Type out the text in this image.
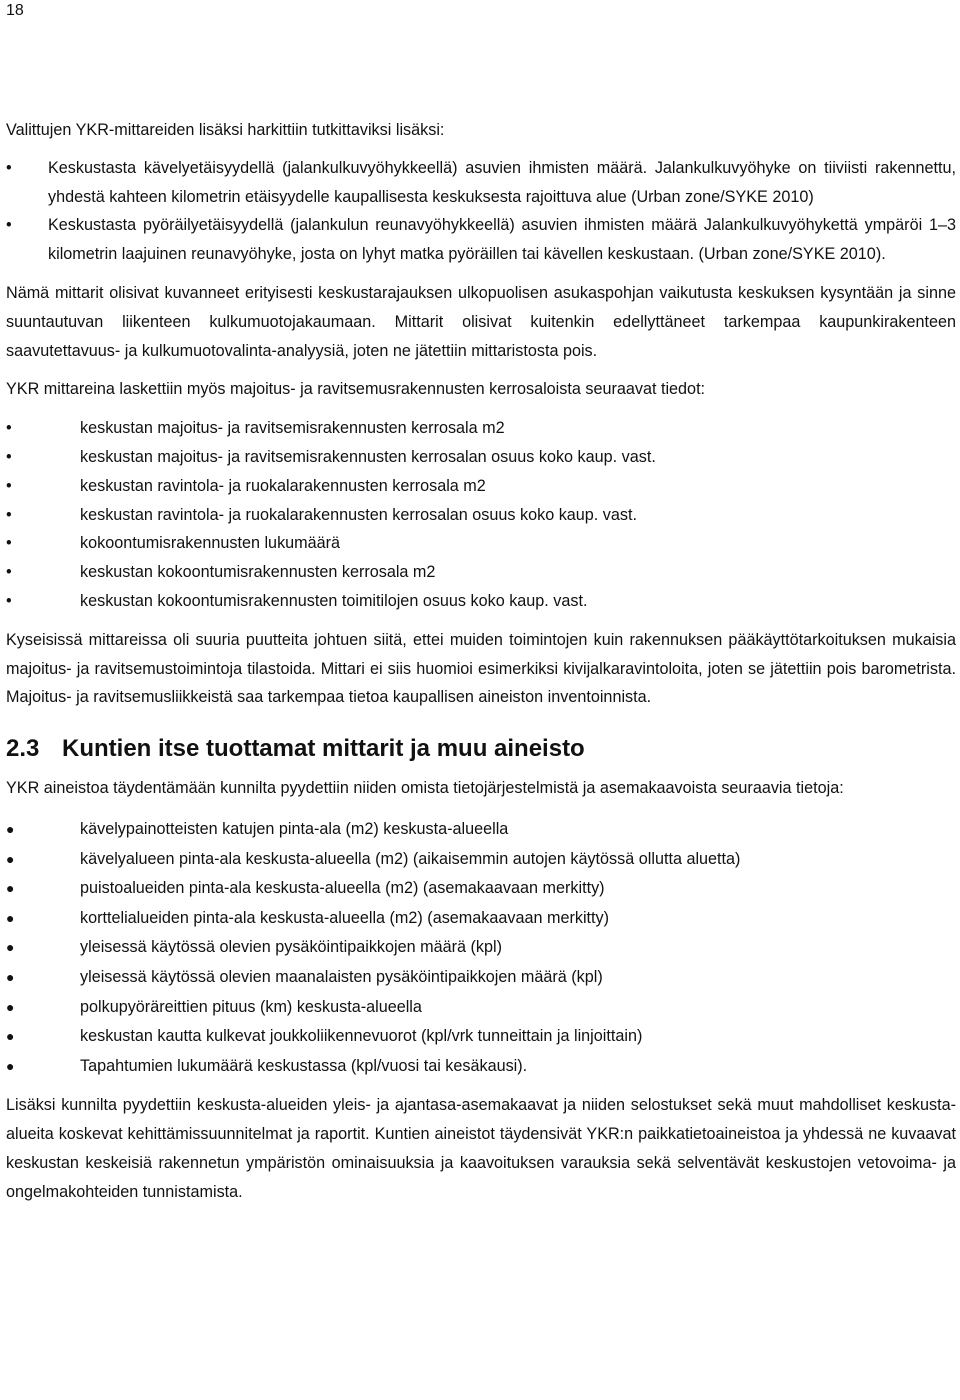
18

Valittujen YKR-mittareiden lisäksi harkittiin tutkittaviksi lisäksi:

• Keskustasta kävelyetäisyydellä (jalankulkuvyöhykkeellä) asuvien ihmisten määrä. Jalankulkuvyöhyke on tiiviisti rakennettu, yhdestä kahteen kilometrin etäisyydelle kaupallisesta keskuksesta rajoittuva alue (Urban zone/SYKE 2010)
• Keskustasta pyöräilyetäisyydellä (jalankulun reunavyöhykkeellä) asuvien ihmisten määrä Jalankulkuvyöhykettä ympäröi 1–3 kilometrin laajuinen reunavyöhyke, josta on lyhyt matka pyöräillen tai kävellen keskustaan. (Urban zone/SYKE 2010).

Nämä mittarit olisivat kuvanneet erityisesti keskustarajauksen ulkopuolisen asukaspohjan vaikutusta keskuksen kysyntään ja sinne suuntautuvan liikenteen kulkumuotojakaumaan. Mittarit olisivat kuitenkin edellyttäneet tarkempaa kaupunkirakenteen saavutettavuus- ja kulkumuotovalinta-analyysiä, joten ne jätettiin mittaristosta pois.

YKR mittareina laskettiin myös majoitus- ja ravitsemusrakennusten kerrosaloista seuraavat tiedot:

•	keskustan majoitus- ja ravitsemisrakennusten kerrosala m2
•	keskustan majoitus- ja ravitsemisrakennusten kerrosalan osuus koko kaup. vast.
•	keskustan ravintola- ja ruokalarakennusten kerrosala m2
•	keskustan ravintola- ja ruokalarakennusten kerrosalan osuus koko kaup. vast.
•	kokoontumisrakennusten lukumäärä
•	keskustan kokoontumisrakennusten kerrosala m2
•	keskustan kokoontumisrakennusten toimitilojen osuus koko kaup. vast.

Kyseisissä mittareissa oli suuria puutteita johtuen siitä, ettei muiden toimintojen kuin rakennuksen pääkäyttötarkoituksen mukaisia majoitus- ja ravitsemustoimintoja tilastoida. Mittari ei siis huomioi esimerkiksi kivijalkaravintoloita, joten se jätettiin pois barometrista. Majoitus- ja ravitsemusliikkeistä saa tarkempaa tietoa kaupallisen aineiston inventoinnista.

2.3 Kuntien itse tuottamat mittarit ja muu aineisto

YKR aineistoa täydentämään kunnilta pyydettiin niiden omista tietojärjestelmistä ja asemakaavoista seuraavia tietoja:

●	kävelypainotteisten katujen pinta-ala (m2) keskusta-alueella
●	kävelyalueen pinta-ala keskusta-alueella (m2) (aikaisemmin autojen käytössä ollutta aluetta)
●	puistoalueiden pinta-ala keskusta-alueella (m2) (asemakaavaan merkitty)
●	korttelialueiden pinta-ala keskusta-alueella (m2) (asemakaavaan merkitty)
●	yleisessä käytössä olevien pysäköintipaikkojen määrä (kpl)
●	yleisessä käytössä olevien maanalaisten pysäköintipaikkojen määrä (kpl)
●	polkupyöräreittien pituus (km) keskusta-alueella
●	keskustan kautta kulkevat joukkoliikennevuorot (kpl/vrk tunneittain ja linjoittain)
●	Tapahtumien lukumäärä keskustassa (kpl/vuosi tai kesäkausi).

Lisäksi kunnilta pyydettiin keskusta-alueiden yleis- ja ajantasa-asemakaavat ja niiden selostukset sekä muut mahdolliset keskusta-alueita koskevat kehittämissuunnitelmat ja raportit. Kuntien aineistot täydensivät YKR:n paikkatietoaineistoa ja yhdessä ne kuvaavat keskustan keskeisiä rakennetun ympäristön ominaisuuksia ja kaavoituksen varauksia sekä selventävät keskustojen vetovoima- ja ongelmakohteiden tunnistamista.
